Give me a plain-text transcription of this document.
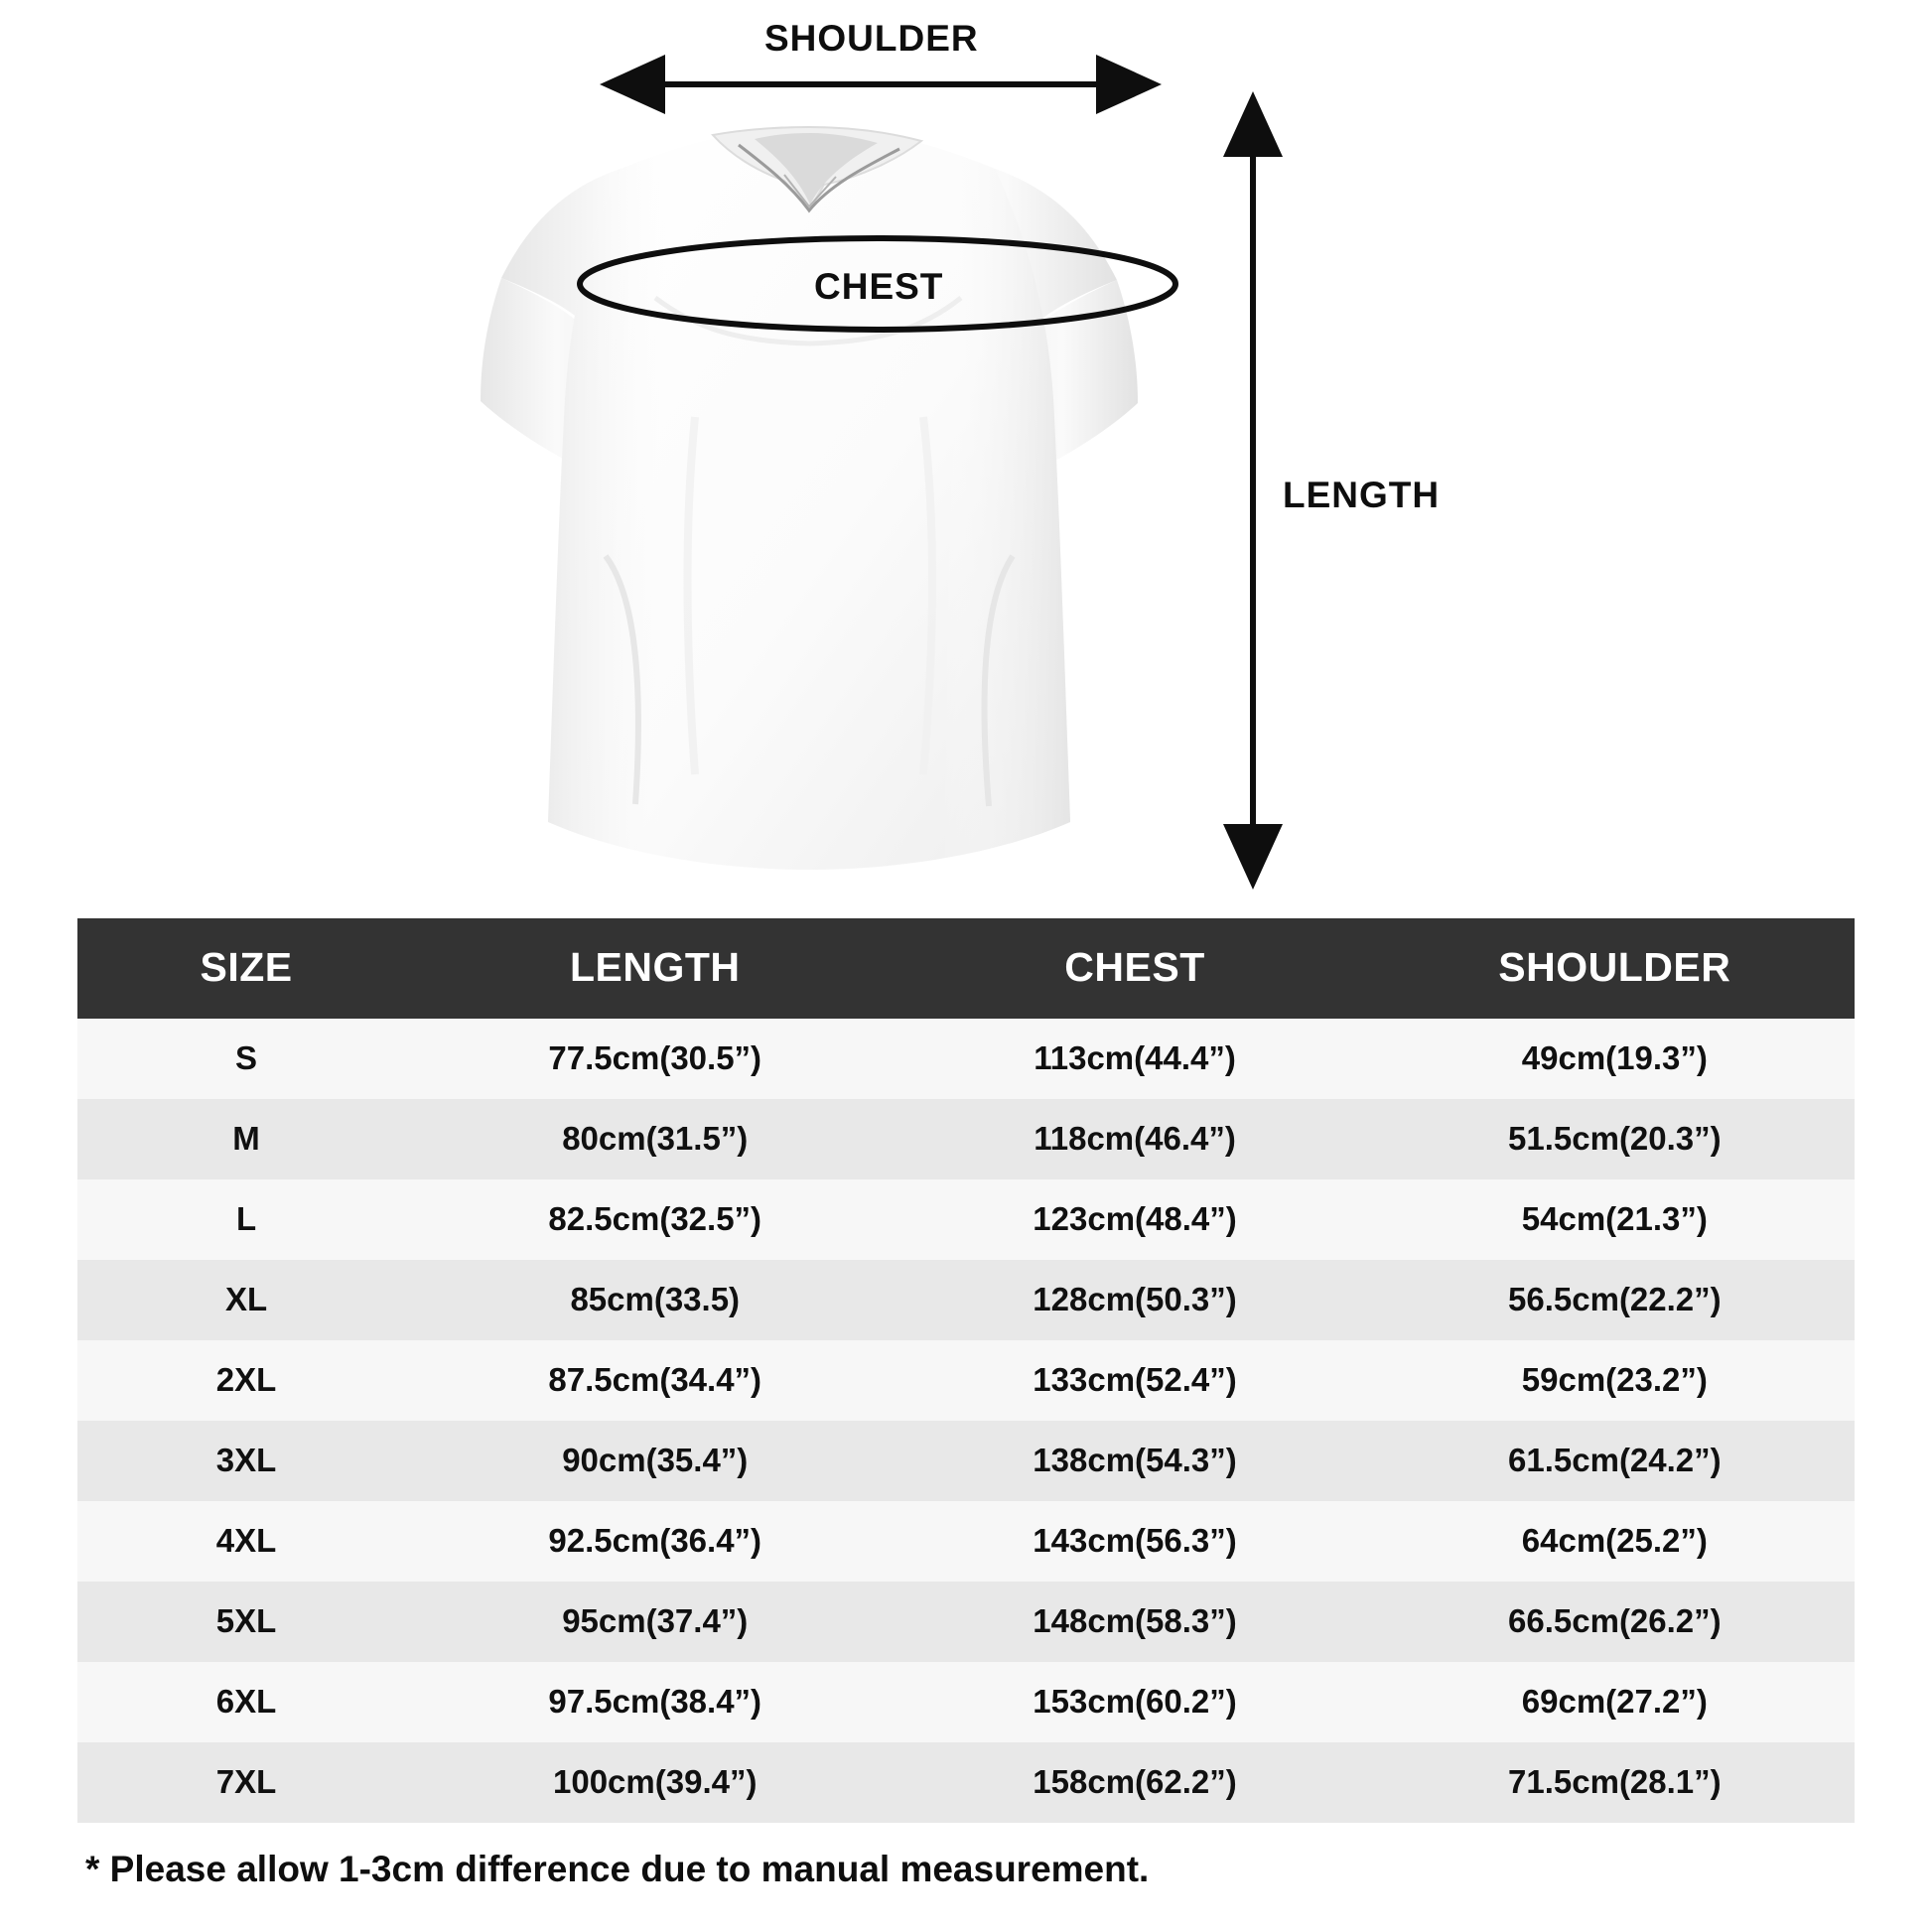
SHOULDER
CHEST
LENGTH
SIZE	LENGTH	CHEST	SHOULDER
S	77.5cm(30.5”)	113cm(44.4”)	49cm(19.3”)
M	80cm(31.5”)	118cm(46.4”)	51.5cm(20.3”)
L	82.5cm(32.5”)	123cm(48.4”)	54cm(21.3”)
XL	85cm(33.5)	128cm(50.3”)	56.5cm(22.2”)
2XL	87.5cm(34.4”)	133cm(52.4”)	59cm(23.2”)
3XL	90cm(35.4”)	138cm(54.3”)	61.5cm(24.2”)
4XL	92.5cm(36.4”)	143cm(56.3”)	64cm(25.2”)
5XL	95cm(37.4”)	148cm(58.3”)	66.5cm(26.2”)
6XL	97.5cm(38.4”)	153cm(60.2”)	69cm(27.2”)
7XL	100cm(39.4”)	158cm(62.2”)	71.5cm(28.1”)
* Please allow 1-3cm difference due to manual measurement.
